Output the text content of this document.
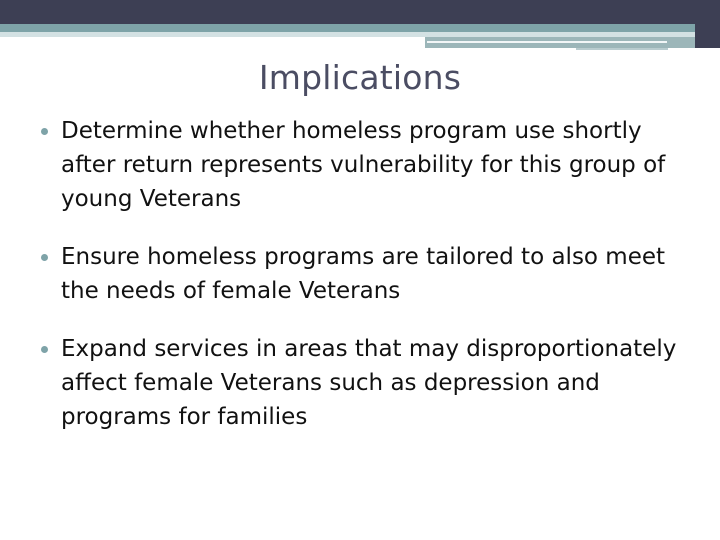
Implications
Determine whether homeless program use shortly after return represents vulnerability for this group of young Veterans
Ensure homeless programs are tailored to also meet the needs of female Veterans
Expand services in areas that may disproportionately affect female Veterans such as depression and programs for families
